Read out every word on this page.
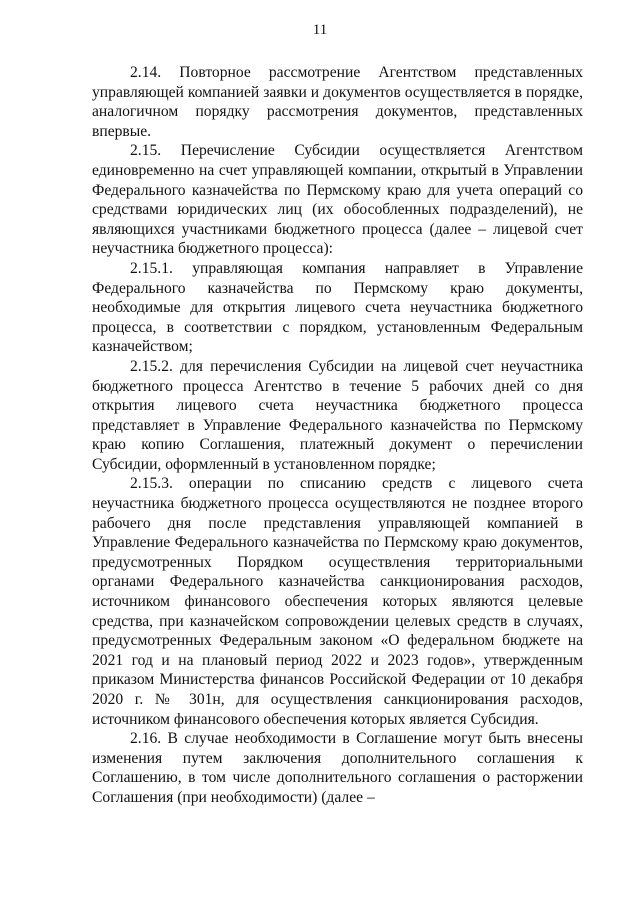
11

2.14. Повторное рассмотрение Агентством представленных управляющей компанией заявки и документов осуществляется в порядке, аналогичном порядку рассмотрения документов, представленных впервые.

2.15. Перечисление Субсидии осуществляется Агентством единовременно на счет управляющей компании, открытый в Управлении Федерального казначейства по Пермскому краю для учета операций со средствами юридических лиц (их обособленных подразделений), не являющихся участниками бюджетного процесса (далее – лицевой счет неучастника бюджетного процесса):

2.15.1. управляющая компания направляет в Управление Федерального казначейства по Пермскому краю документы, необходимые для открытия лицевого счета неучастника бюджетного процесса, в соответствии с порядком, установленным Федеральным казначейством;

2.15.2. для перечисления Субсидии на лицевой счет неучастника бюджетного процесса Агентство в течение 5 рабочих дней со дня открытия лицевого счета неучастника бюджетного процесса представляет в Управление Федерального казначейства по Пермскому краю копию Соглашения, платежный документ о перечислении Субсидии, оформленный в установленном порядке;

2.15.3. операции по списанию средств с лицевого счета неучастника бюджетного процесса осуществляются не позднее второго рабочего дня после представления управляющей компанией в Управление Федерального казначейства по Пермскому краю документов, предусмотренных Порядком осуществления территориальными органами Федерального казначейства санкционирования расходов, источником финансового обеспечения которых являются целевые средства, при казначейском сопровождении целевых средств в случаях, предусмотренных Федеральным законом «О федеральном бюджете на 2021 год и на плановый период 2022 и 2023 годов», утвержденным приказом Министерства финансов Российской Федерации от 10 декабря 2020 г. № 301н, для осуществления санкционирования расходов, источником финансового обеспечения которых является Субсидия.

2.16. В случае необходимости в Соглашение могут быть внесены изменения путем заключения дополнительного соглашения к Соглашению, в том числе дополнительного соглашения о расторжении Соглашения (при необходимости) (далее –
